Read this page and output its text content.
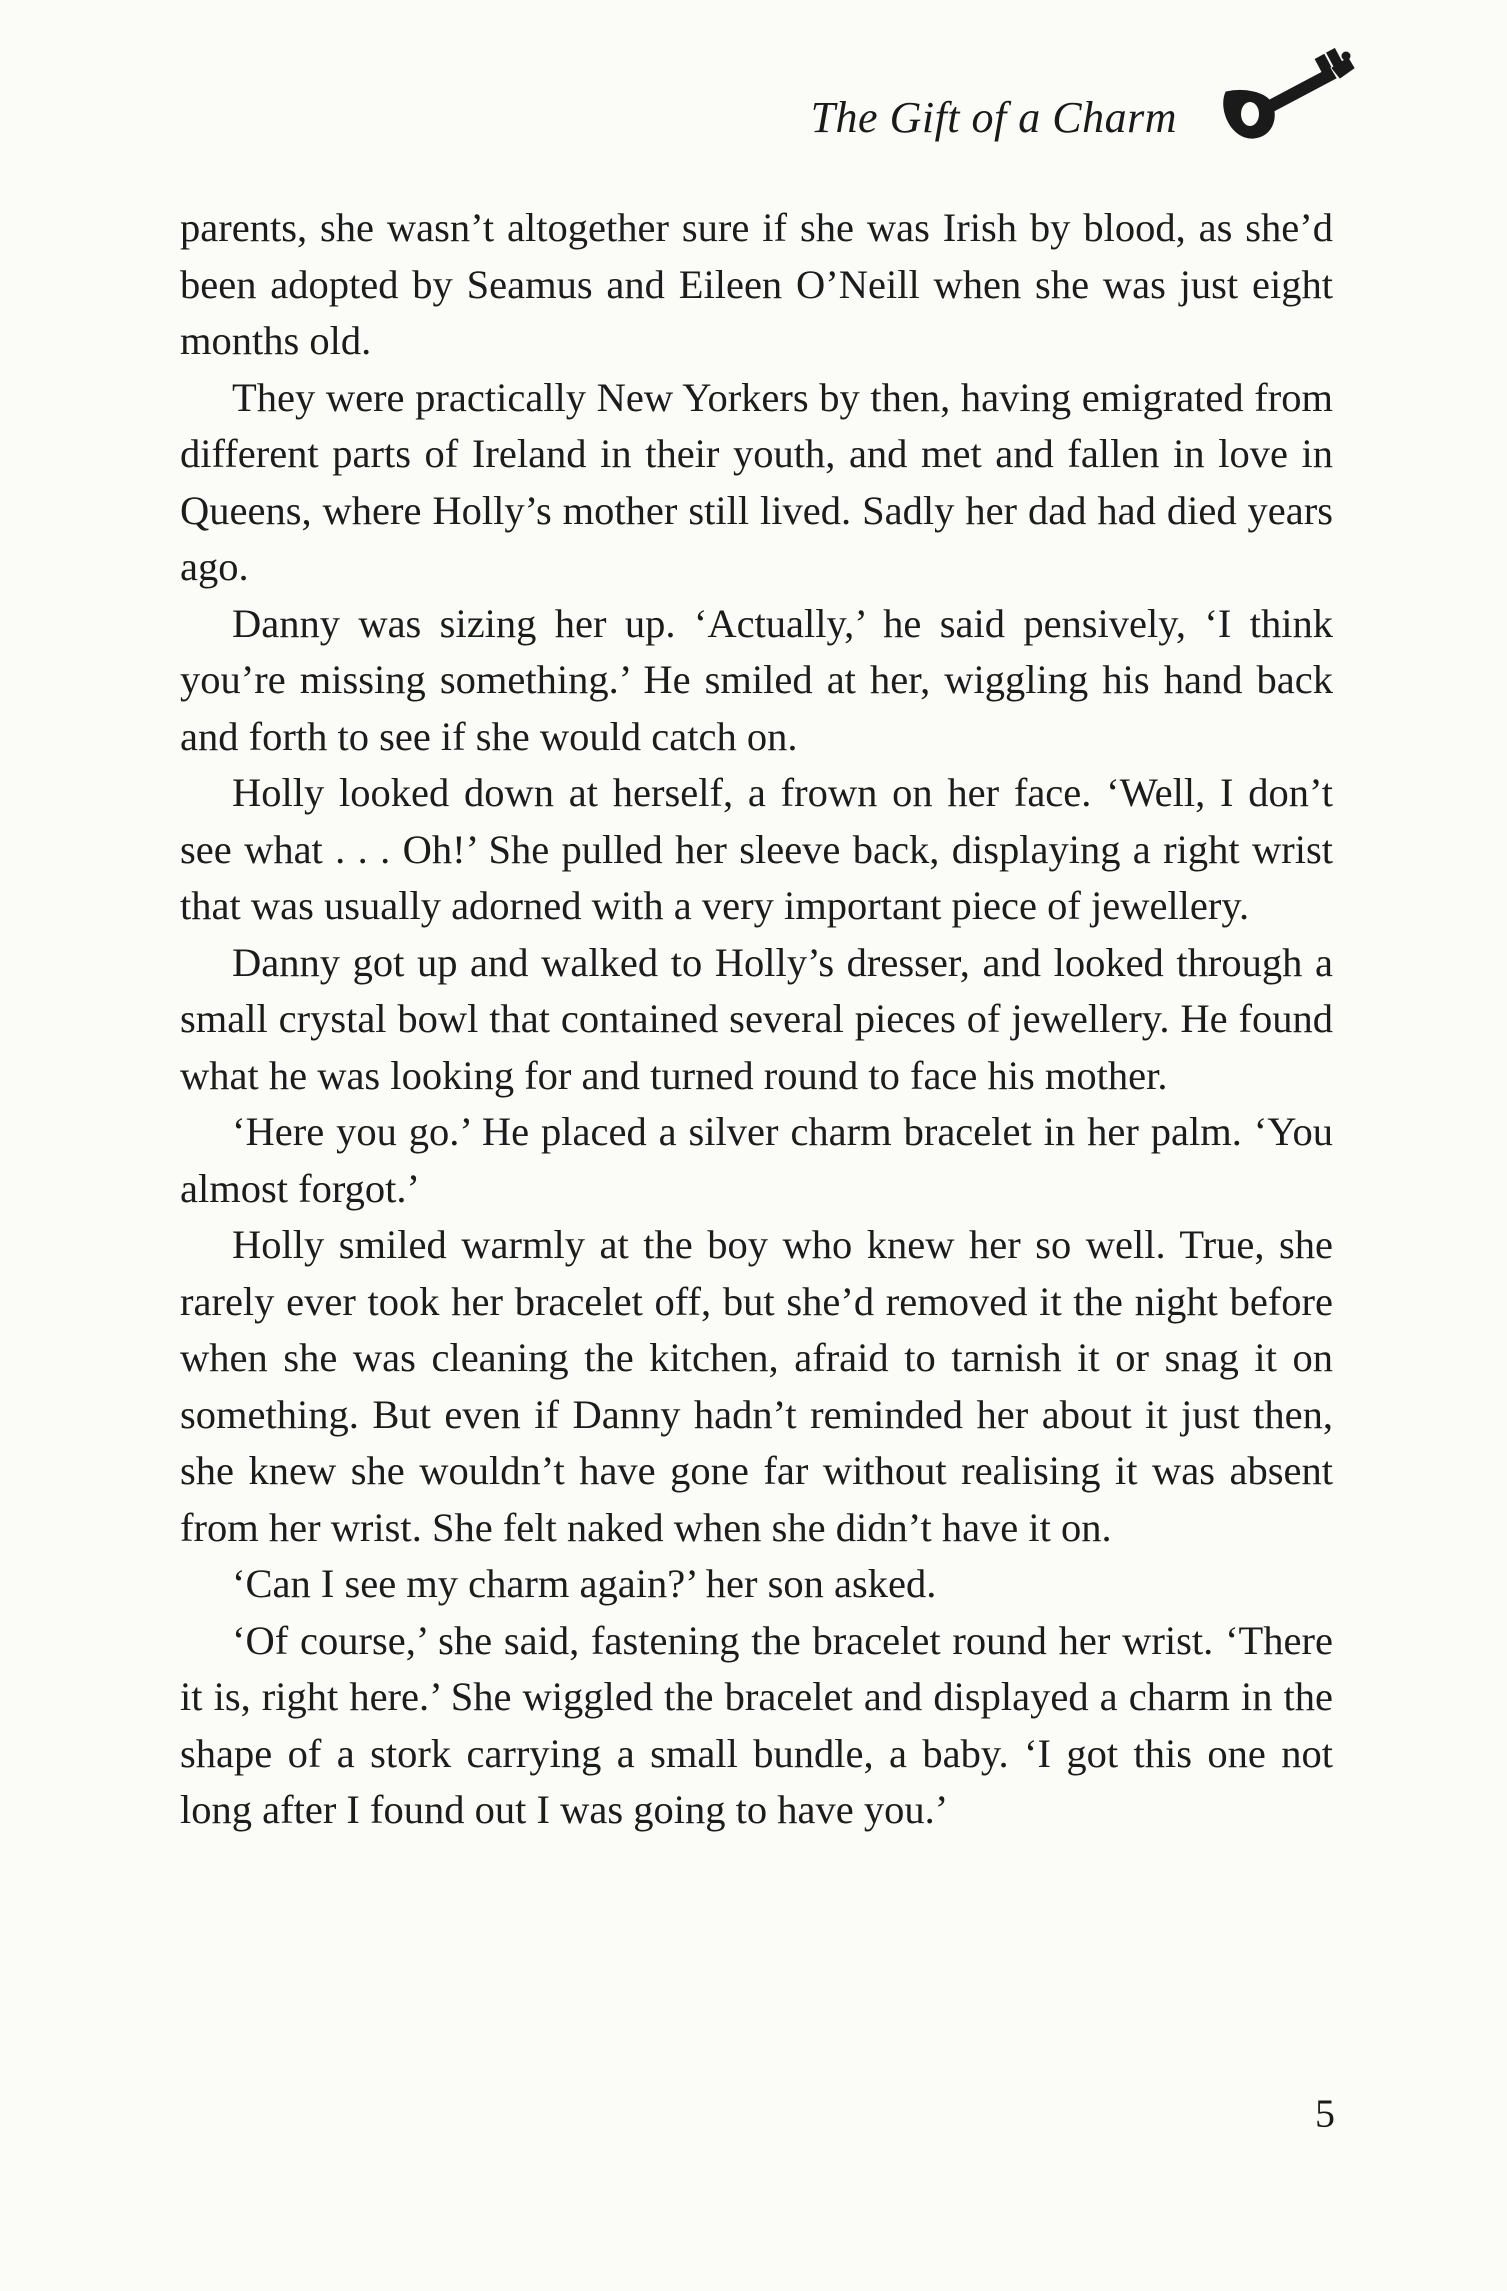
The Gift of a Charm

parents, she wasn’t altogether sure if she was Irish by blood, as she’d been adopted by Seamus and Eileen O’Neill when she was just eight months old.

They were practically New Yorkers by then, having emigrated from different parts of Ireland in their youth, and met and fallen in love in Queens, where Holly’s mother still lived. Sadly her dad had died years ago.

Danny was sizing her up. ‘Actually,’ he said pensively, ‘I think you’re missing something.’ He smiled at her, wiggling his hand back and forth to see if she would catch on.

Holly looked down at herself, a frown on her face. ‘Well, I don’t see what . . . Oh!’ She pulled her sleeve back, displaying a right wrist that was usually adorned with a very important piece of jewellery.

Danny got up and walked to Holly’s dresser, and looked through a small crystal bowl that contained several pieces of jewellery. He found what he was looking for and turned round to face his mother.

‘Here you go.’ He placed a silver charm bracelet in her palm. ‘You almost forgot.’

Holly smiled warmly at the boy who knew her so well. True, she rarely ever took her bracelet off, but she’d removed it the night before when she was cleaning the kitchen, afraid to tarnish it or snag it on something. But even if Danny hadn’t reminded her about it just then, she knew she wouldn’t have gone far without realising it was absent from her wrist. She felt naked when she didn’t have it on.

‘Can I see my charm again?’ her son asked.

‘Of course,’ she said, fastening the bracelet round her wrist. ‘There it is, right here.’ She wiggled the bracelet and displayed a charm in the shape of a stork carrying a small bundle, a baby. ‘I got this one not long after I found out I was going to have you.’

5
